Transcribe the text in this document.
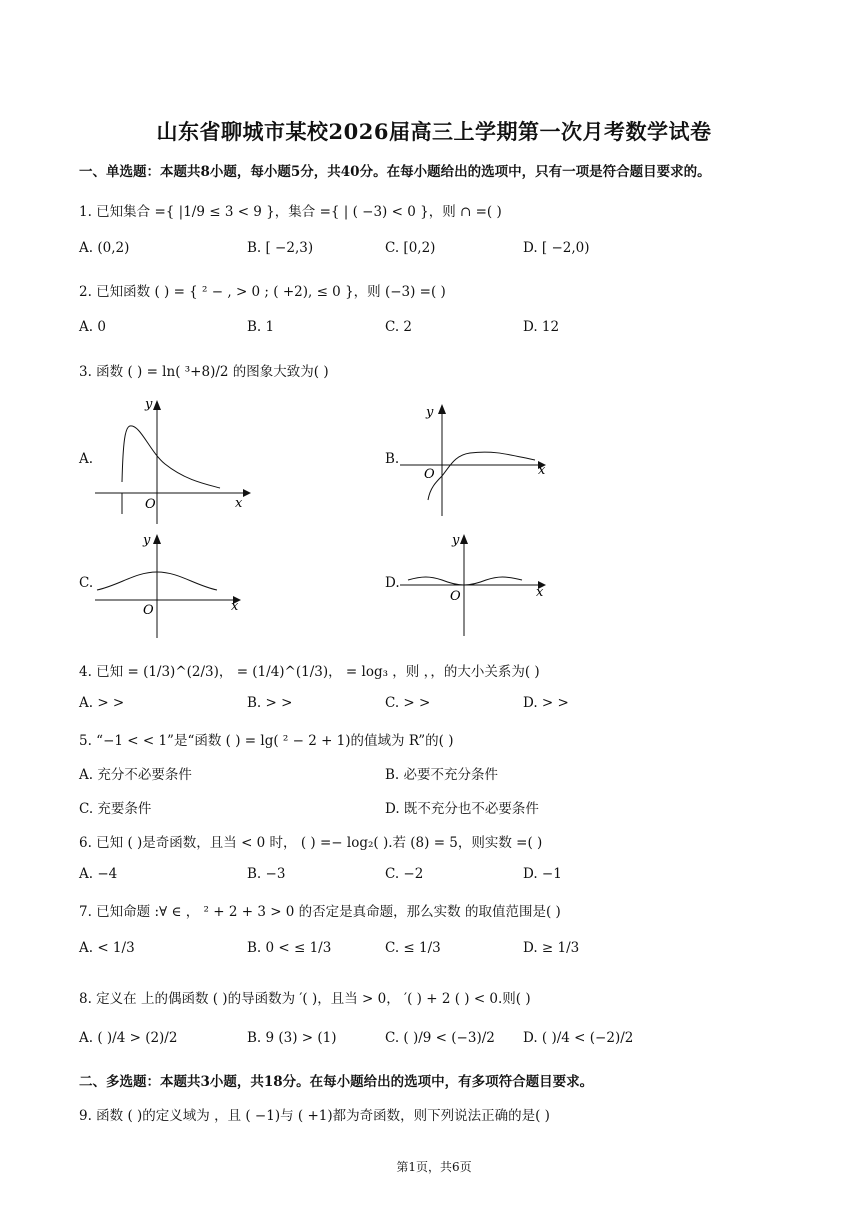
山东省聊城市某校2026届高三上学期第一次月考数学试卷
一、单选题：本题共8小题，每小题5分，共40分。在每小题给出的选项中，只有一项是符合题目要求的。
1. 已知集合 ={ |1/9 ≤ 3 < 9 }，集合 ={ | ( −3) < 0 }，则 ∩ =( )
A. (0,2)	B. [ −2,3)	C. [0,2)	D. [ −2,0)
2. 已知函数 ( ) = { ² − , > 0 ; ( +2), ≤ 0 }，则 (−3) =( )
A. 0	B. 1	C. 2	D. 12
3. 函数 ( ) = ln( ³+8)/2 的图象大致为( )
A.
y
x
O
B.
y
x
O
C.
y
x
O
D.
y
x
O
4. 已知 = (1/3)^(2/3)， = (1/4)^(1/3)， = log₃ ，则 ，，的大小关系为( )
A. > >	B. > >	C. > >	D. > >
5. “−1 < < 1”是“函数 ( ) = lg( ² − 2 + 1)的值域为 R”的( )
A. 充分不必要条件	B. 必要不充分条件
C. 充要条件	D. 既不充分也不必要条件
6. 已知 ( )是奇函数，且当 < 0 时， ( ) =− log₂( ).若 (8) = 5，则实数 =( )
A. −4	B. −3	C. −2	D. −1
7. 已知命题 :∀ ∈ ， ² + 2 + 3 > 0 的否定是真命题，那么实数 的取值范围是( )
A. < 1/3	B. 0 < ≤ 1/3	C. ≤ 1/3	D. ≥ 1/3
8. 定义在 上的偶函数 ( )的导函数为 ′( )，且当 > 0， ′( ) + 2 ( ) < 0.则( )
A. ( )/4 > (2)/2	B. 9 (3) > (1)	C. ( )/9 < (−3)/2 D. ( )/4 < (−2)/2
二、多选题：本题共3小题，共18分。在每小题给出的选项中，有多项符合题目要求。
9. 函数 ( )的定义域为 ，且 ( −1)与 ( +1)都为奇函数，则下列说法正确的是( )
第1页，共6页
